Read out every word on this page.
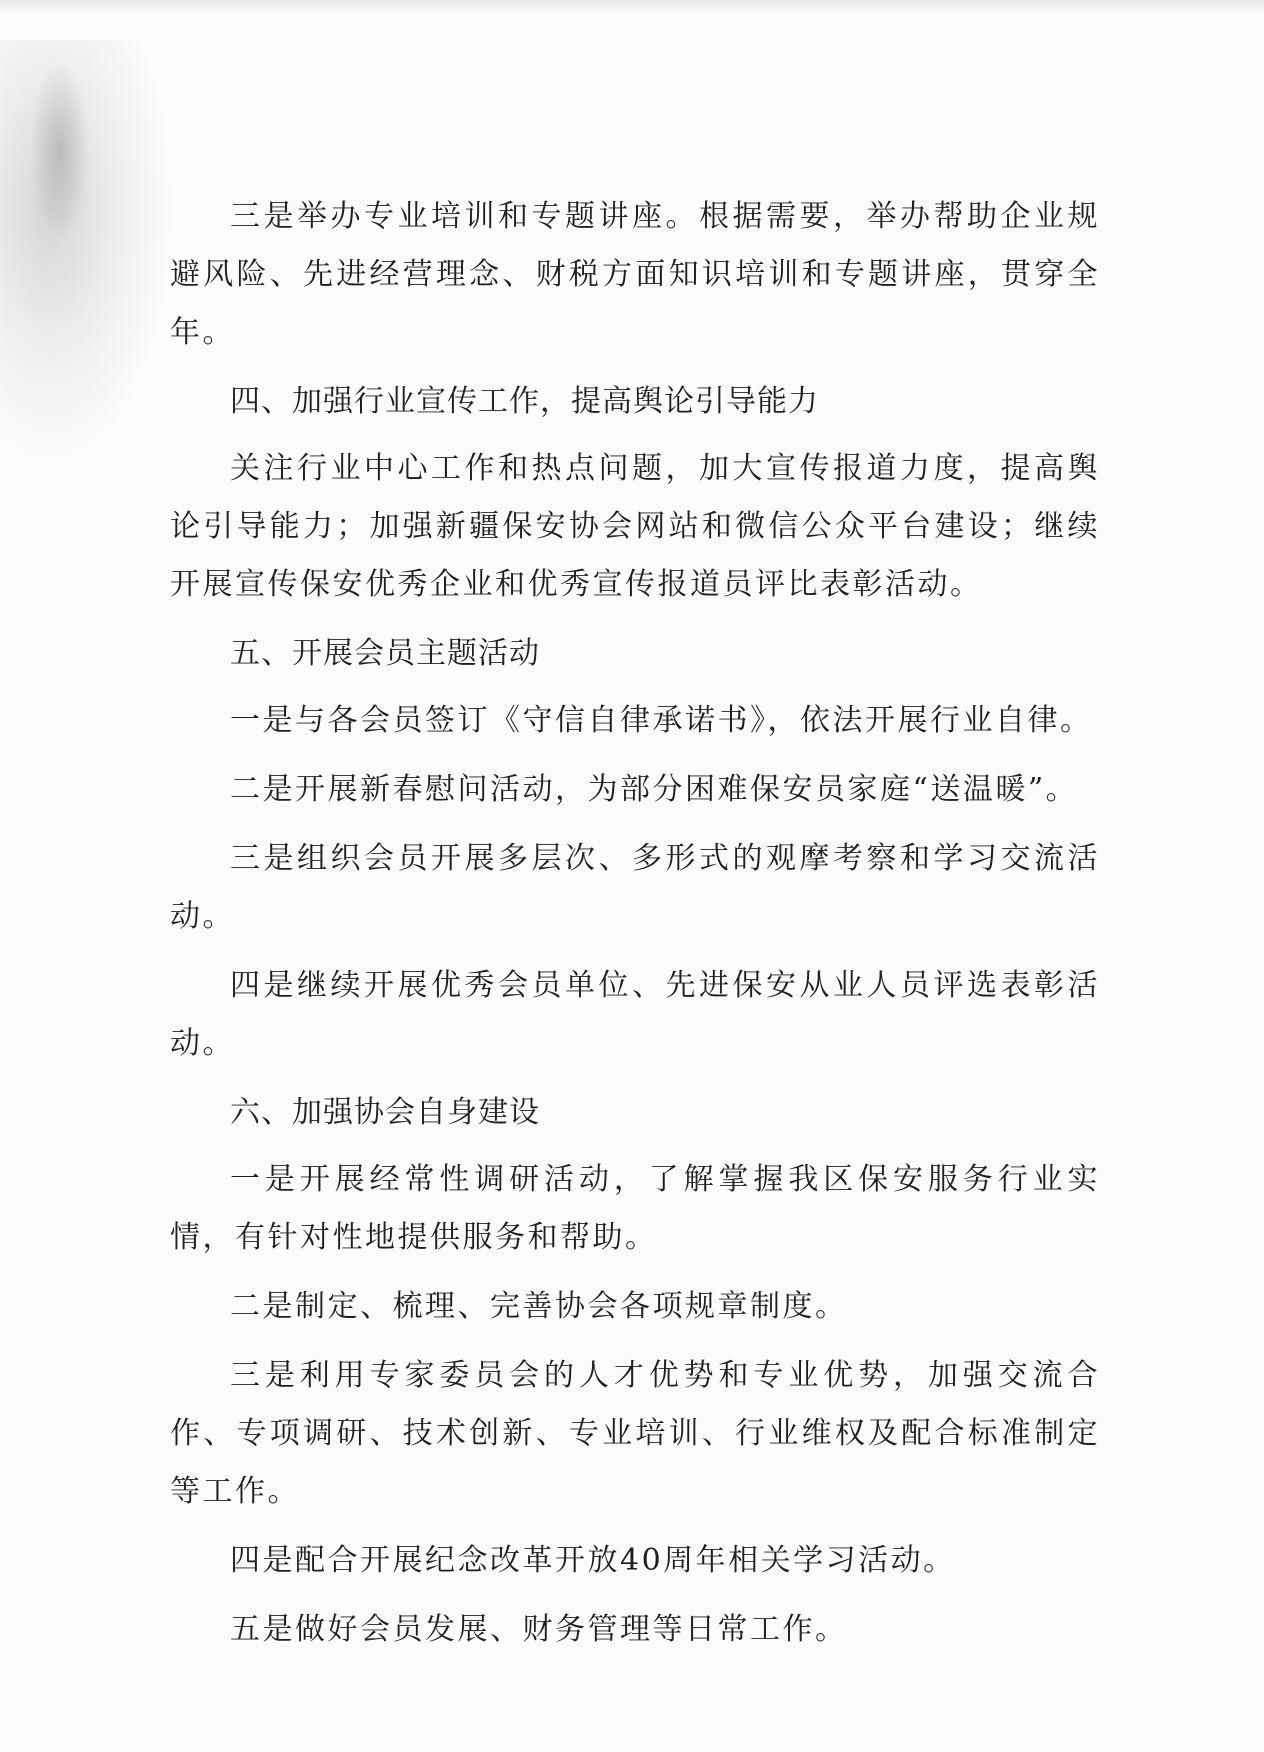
三是举办专业培训和专题讲座。根据需要，举办帮助企业规避风险、先进经营理念、财税方面知识培训和专题讲座，贯穿全年。

四、加强行业宣传工作，提高舆论引导能力

关注行业中心工作和热点问题，加大宣传报道力度，提高舆论引导能力；加强新疆保安协会网站和微信公众平台建设；继续开展宣传保安优秀企业和优秀宣传报道员评比表彰活动。

五、开展会员主题活动

一是与各会员签订《守信自律承诺书》，依法开展行业自律。

二是开展新春慰问活动，为部分困难保安员家庭“送温暖”。

三是组织会员开展多层次、多形式的观摩考察和学习交流活动。

四是继续开展优秀会员单位、先进保安从业人员评选表彰活动。

六、加强协会自身建设

一是开展经常性调研活动，了解掌握我区保安服务行业实情，有针对性地提供服务和帮助。

二是制定、梳理、完善协会各项规章制度。

三是利用专家委员会的人才优势和专业优势，加强交流合作、专项调研、技术创新、专业培训、行业维权及配合标准制定等工作。

四是配合开展纪念改革开放40周年相关学习活动。

五是做好会员发展、财务管理等日常工作。
